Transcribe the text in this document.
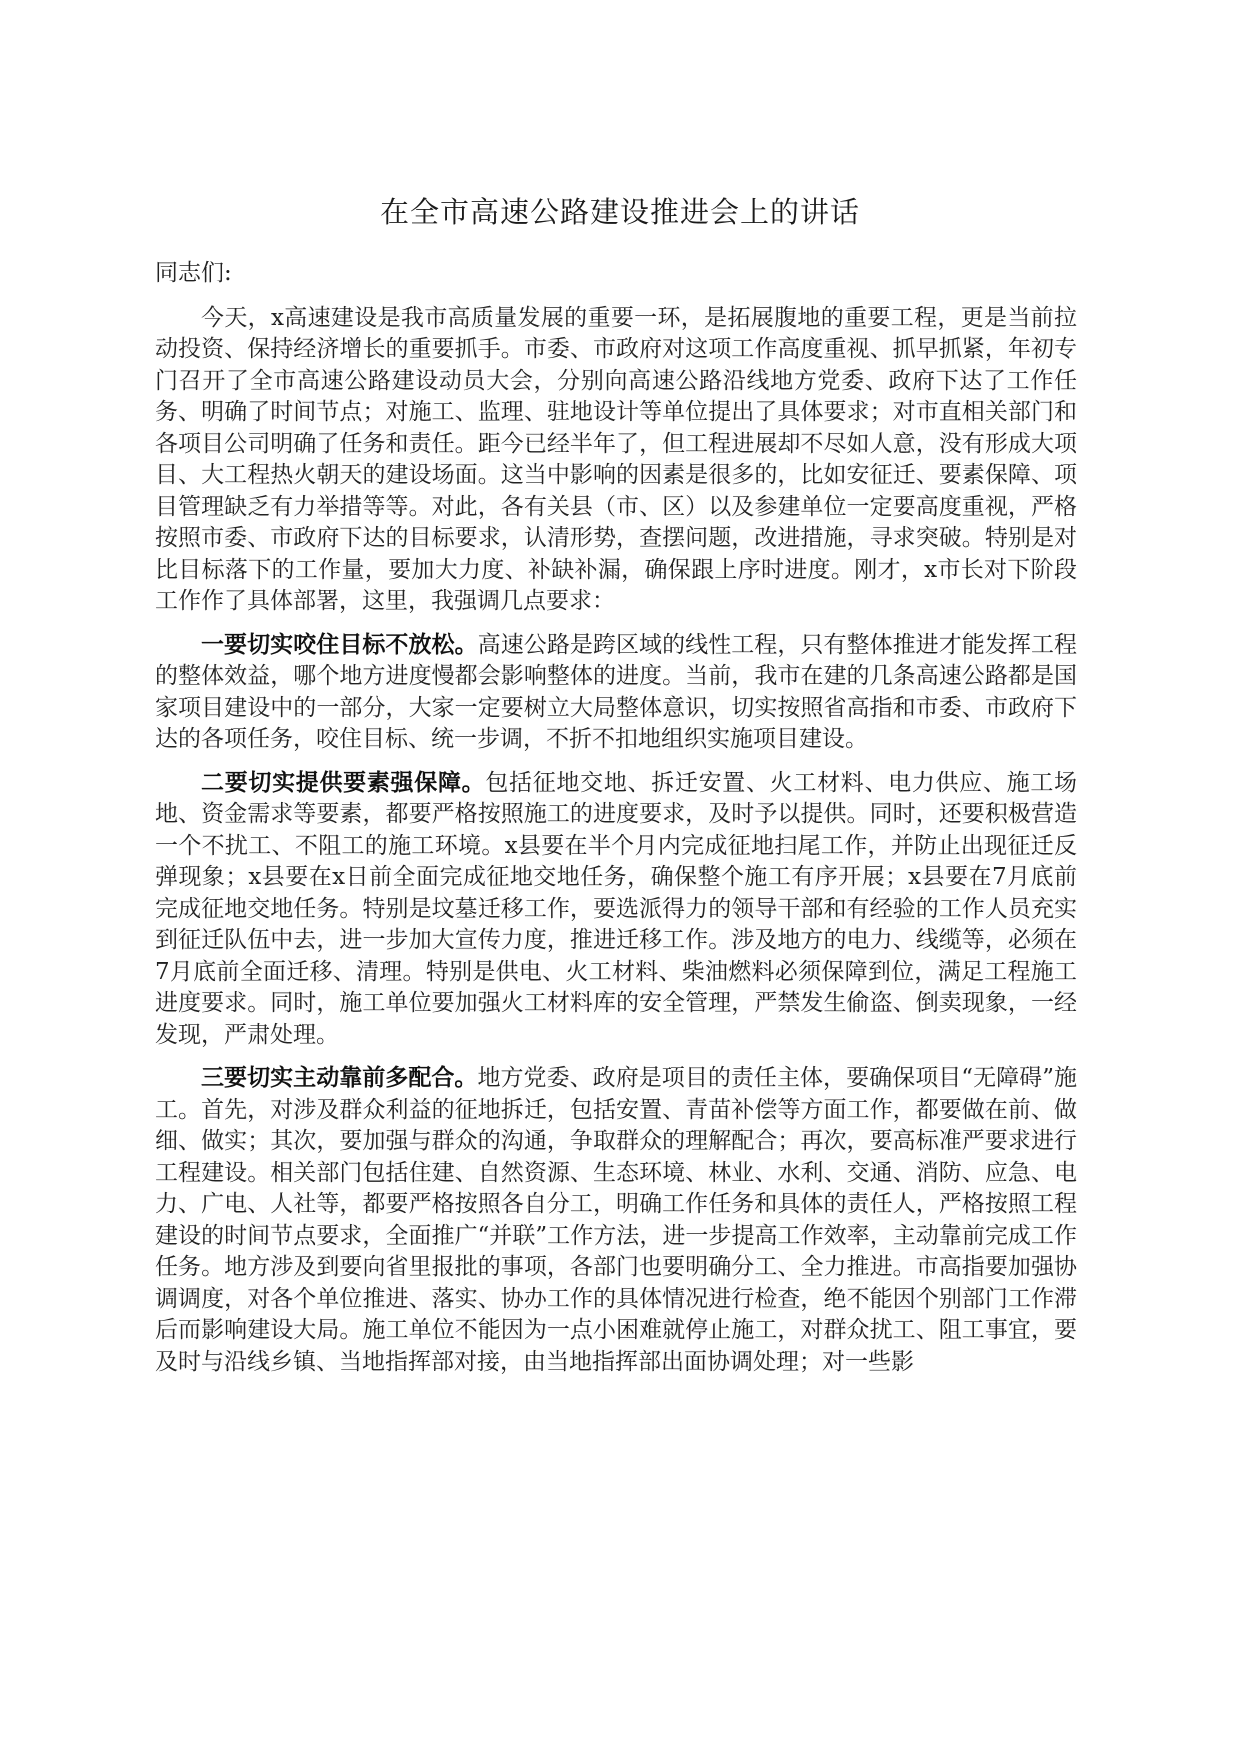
在全市高速公路建设推进会上的讲话

同志们:

今天，x高速建设是我市高质量发展的重要一环，是拓展腹地的重要工程，更是当前拉动投资、保持经济增长的重要抓手。市委、市政府对这项工作高度重视、抓早抓紧，年初专门召开了全市高速公路建设动员大会，分别向高速公路沿线地方党委、政府下达了工作任务、明确了时间节点；对施工、监理、驻地设计等单位提出了具体要求；对市直相关部门和各项目公司明确了任务和责任。距今已经半年了，但工程进展却不尽如人意，没有形成大项目、大工程热火朝天的建设场面。这当中影响的因素是很多的，比如安征迁、要素保障、项目管理缺乏有力举措等等。对此，各有关县（市、区）以及参建单位一定要高度重视，严格按照市委、市政府下达的目标要求，认清形势，查摆问题，改进措施，寻求突破。特别是对比目标落下的工作量，要加大力度、补缺补漏，确保跟上序时进度。刚才，x市长对下阶段工作作了具体部署，这里，我强调几点要求：

一要切实咬住目标不放松。高速公路是跨区域的线性工程，只有整体推进才能发挥工程的整体效益，哪个地方进度慢都会影响整体的进度。当前，我市在建的几条高速公路都是国家项目建设中的一部分，大家一定要树立大局整体意识，切实按照省高指和市委、市政府下达的各项任务，咬住目标、统一步调，不折不扣地组织实施项目建设。

二要切实提供要素强保障。包括征地交地、拆迁安置、火工材料、电力供应、施工场地、资金需求等要素，都要严格按照施工的进度要求，及时予以提供。同时，还要积极营造一个不扰工、不阻工的施工环境。x县要在半个月内完成征地扫尾工作，并防止出现征迁反弹现象；x县要在x日前全面完成征地交地任务，确保整个施工有序开展；x县要在7月底前完成征地交地任务。特别是坟墓迁移工作，要选派得力的领导干部和有经验的工作人员充实到征迁队伍中去，进一步加大宣传力度，推进迁移工作。涉及地方的电力、线缆等，必须在7月底前全面迁移、清理。特别是供电、火工材料、柴油燃料必须保障到位，满足工程施工进度要求。同时，施工单位要加强火工材料库的安全管理，严禁发生偷盗、倒卖现象，一经发现，严肃处理。

三要切实主动靠前多配合。地方党委、政府是项目的责任主体，要确保项目“无障碍”施工。首先，对涉及群众利益的征地拆迁，包括安置、青苗补偿等方面工作，都要做在前、做细、做实；其次，要加强与群众的沟通，争取群众的理解配合；再次，要高标准严要求进行工程建设。相关部门包括住建、自然资源、生态环境、林业、水利、交通、消防、应急、电力、广电、人社等，都要严格按照各自分工，明确工作任务和具体的责任人，严格按照工程建设的时间节点要求，全面推广“并联”工作方法，进一步提高工作效率，主动靠前完成工作任务。地方涉及到要向省里报批的事项，各部门也要明确分工、全力推进。市高指要加强协调调度，对各个单位推进、落实、协办工作的具体情况进行检查，绝不能因个别部门工作滞后而影响建设大局。施工单位不能因为一点小困难就停止施工，对群众扰工、阻工事宜，要及时与沿线乡镇、当地指挥部对接，由当地指挥部出面协调处理；对一些影
